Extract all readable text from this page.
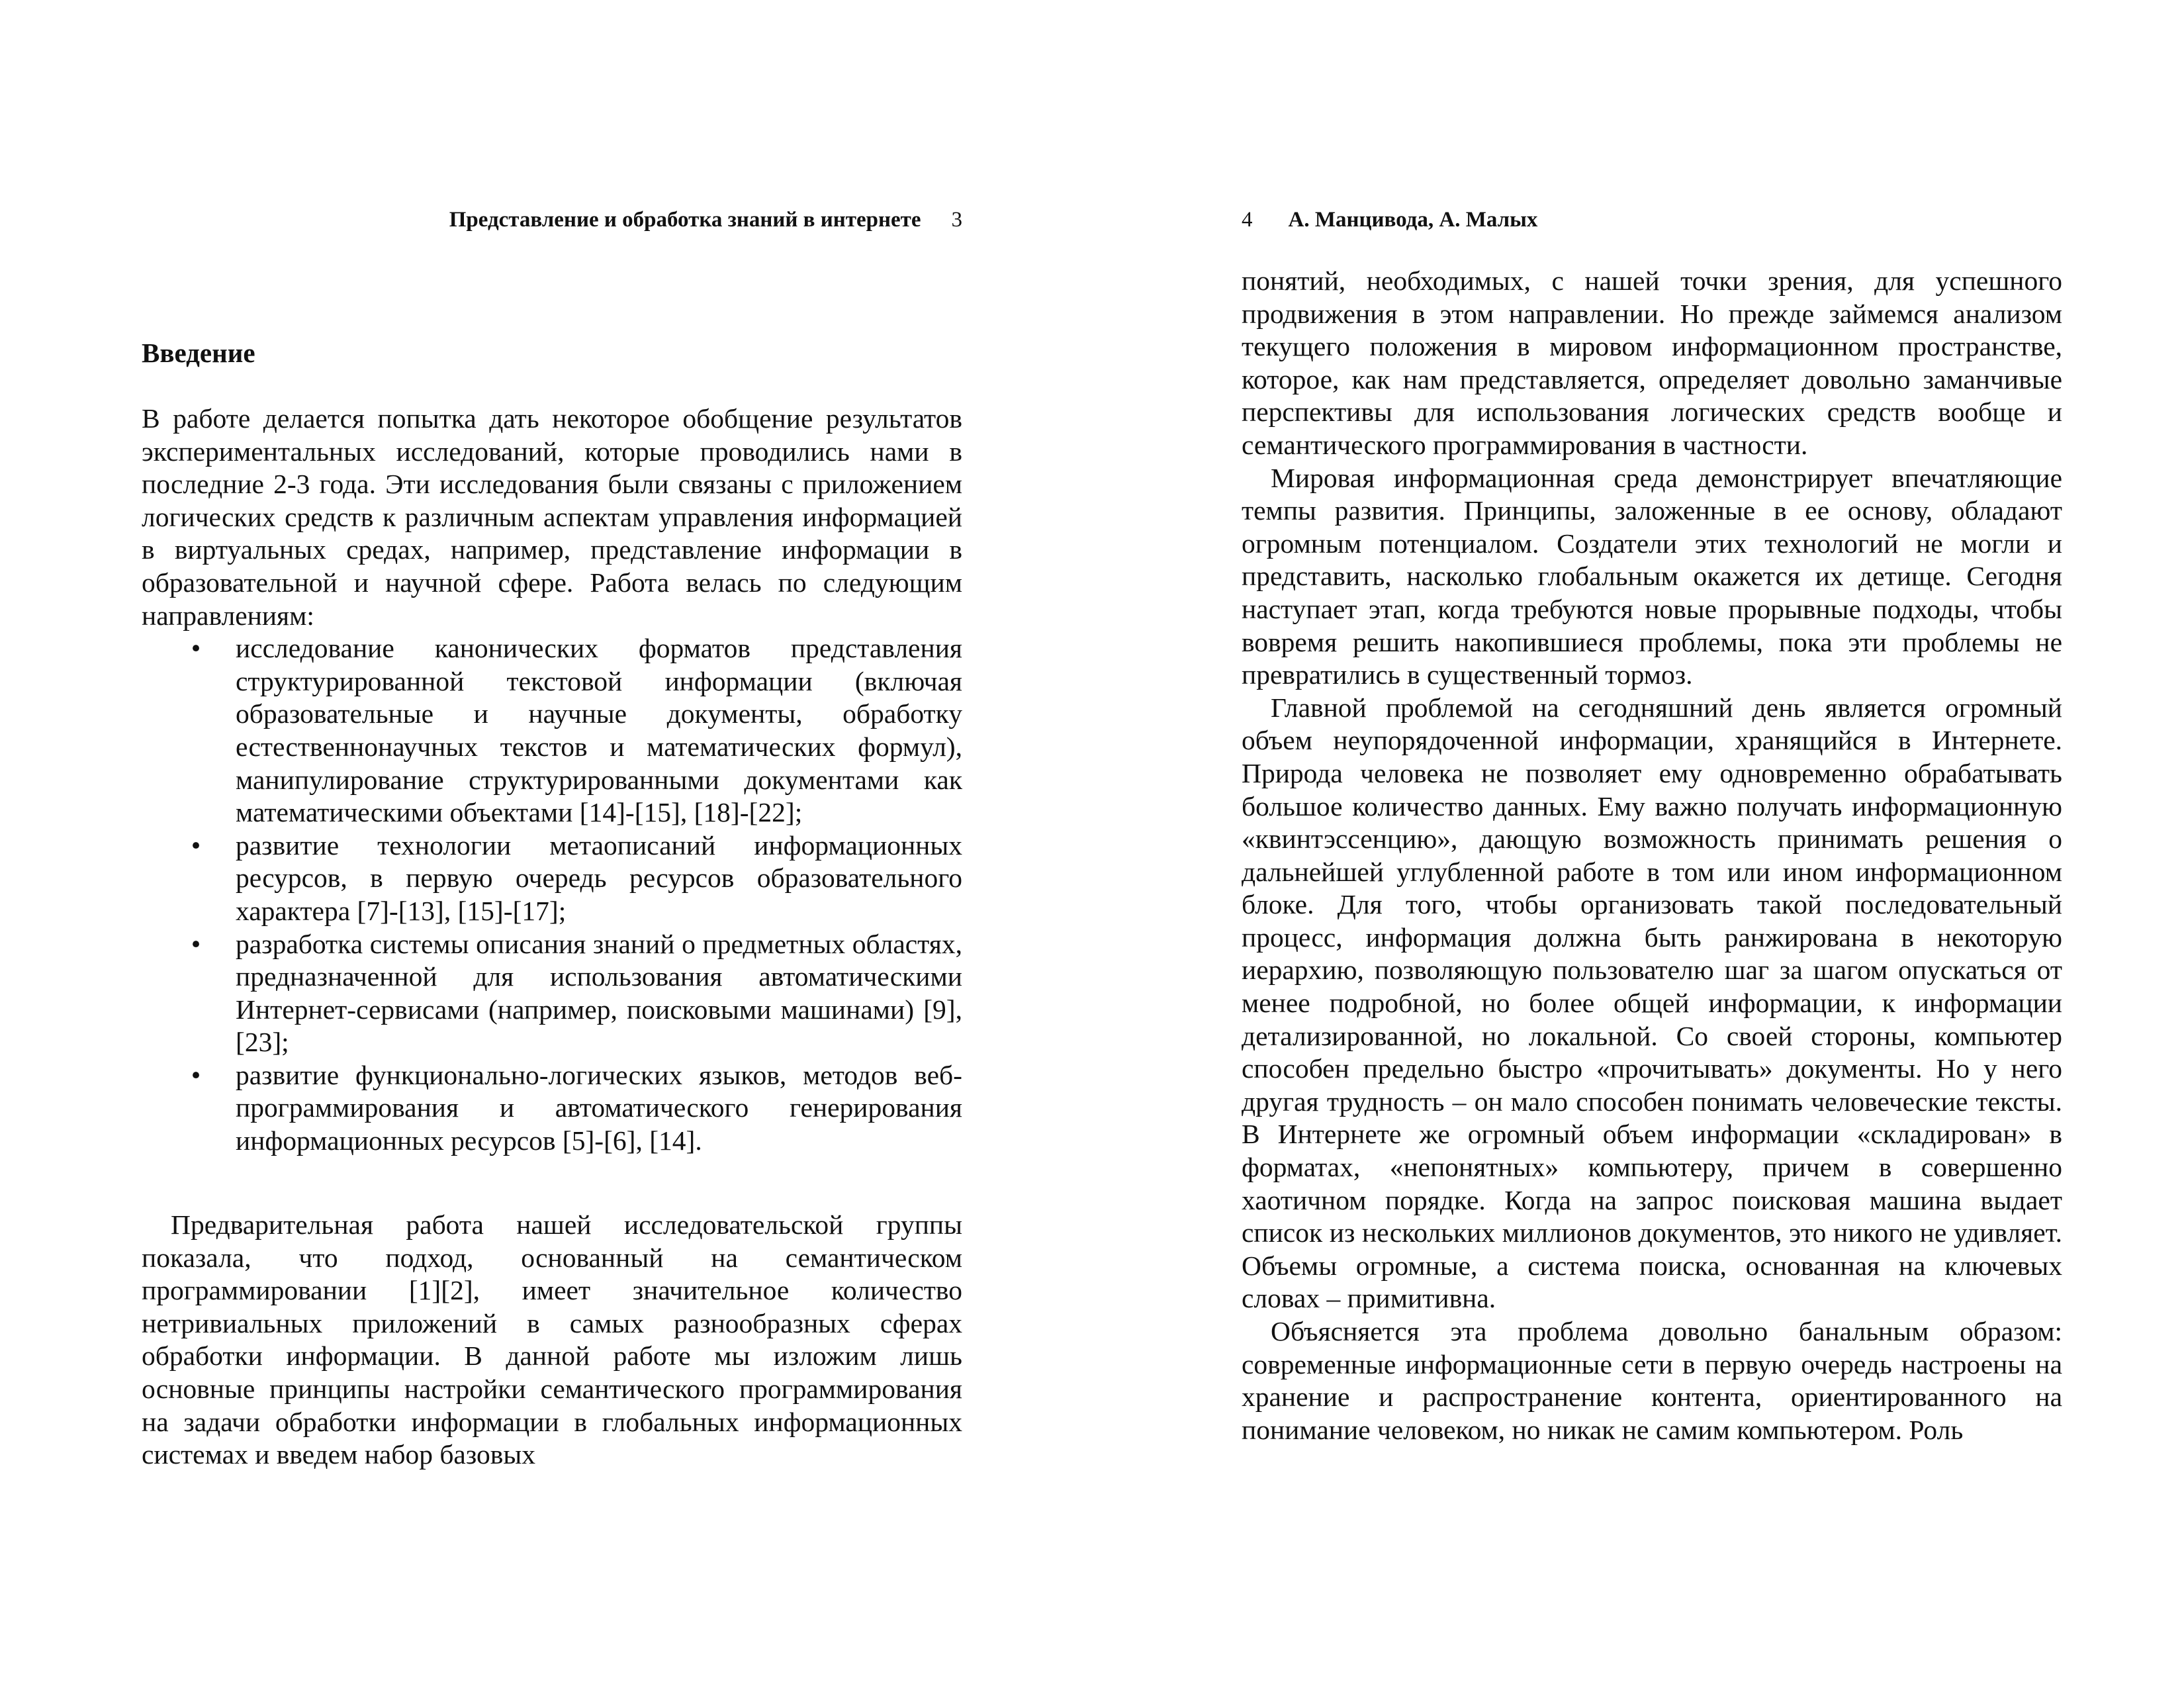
Представление и обработка знаний в интернете 3
Введение

В работе делается попытка дать некоторое обобщение результатов экспериментальных исследований, которые проводились нами в последние 2-3 года. Эти исследования были связаны с приложением логических средств к различным аспектам управления информацией в виртуальных средах, например, представление информации в образовательной и научной сфере. Работа велась по следующим направлениям:

• исследование канонических форматов представления структурированной текстовой информации (включая образовательные и научные документы, обработку естественнонаучных текстов и математических формул), манипулирование структурированными документами как математическими объектами [14]-[15], [18]-[22];
• развитие технологии метаописаний информационных ресурсов, в первую очередь ресурсов образовательного характера [7]-[13], [15]-[17];
• разработка системы описания знаний о предметных областях, предназначенной для использования автоматическими Интернет-сервисами (например, поисковыми машинами) [9], [23];
• развитие функционально-логических языков, методов веб-программирования и автоматического генерирования информационных ресурсов [5]-[6], [14].

Предварительная работа нашей исследовательской группы показала, что подход, основанный на семантическом программировании [1][2], имеет значительное количество нетривиальных приложений в самых разнообразных сферах обработки информации. В данной работе мы изложим лишь основные принципы настройки семантического программирования на задачи обработки информации в глобальных информационных системах и введем набор базовых

4 А. Манцивода, А. Малых

понятий, необходимых, с нашей точки зрения, для успешного продвижения в этом направлении. Но прежде займемся анализом текущего положения в мировом информационном пространстве, которое, как нам представляется, определяет довольно заманчивые перспективы для использования логических средств вообще и семантического программирования в частности.

Мировая информационная среда демонстрирует впечатляющие темпы развития. Принципы, заложенные в ее основу, обладают огромным потенциалом. Создатели этих технологий не могли и представить, насколько глобальным окажется их детище. Сегодня наступает этап, когда требуются новые прорывные подходы, чтобы вовремя решить накопившиеся проблемы, пока эти проблемы не превратились в существенный тормоз.

Главной проблемой на сегодняшний день является огромный объем неупорядоченной информации, хранящийся в Интернете. Природа человека не позволяет ему одновременно обрабатывать большое количество данных. Ему важно получать информационную «квинтэссенцию», дающую возможность принимать решения о дальнейшей углубленной работе в том или ином информационном блоке. Для того, чтобы организовать такой последовательный процесс, информация должна быть ранжирована в некоторую иерархию, позволяющую пользователю шаг за шагом опускаться от менее подробной, но более общей информации, к информации детализированной, но локальной. Со своей стороны, компьютер способен предельно быстро «прочитывать» документы. Но у него другая трудность – он мало способен понимать человеческие тексты. В Интернете же огромный объем информации «складирован» в форматах, «непонятных» компьютеру, причем в совершенно хаотичном порядке. Когда на запрос поисковая машина выдает список из нескольких миллионов документов, это никого не удивляет. Объемы огромные, а система поиска, основанная на ключевых словах – примитивна.

Объясняется эта проблема довольно банальным образом: современные информационные сети в первую очередь настроены на хранение и распространение контента, ориентированного на понимание человеком, но никак не самим компьютером. Роль
